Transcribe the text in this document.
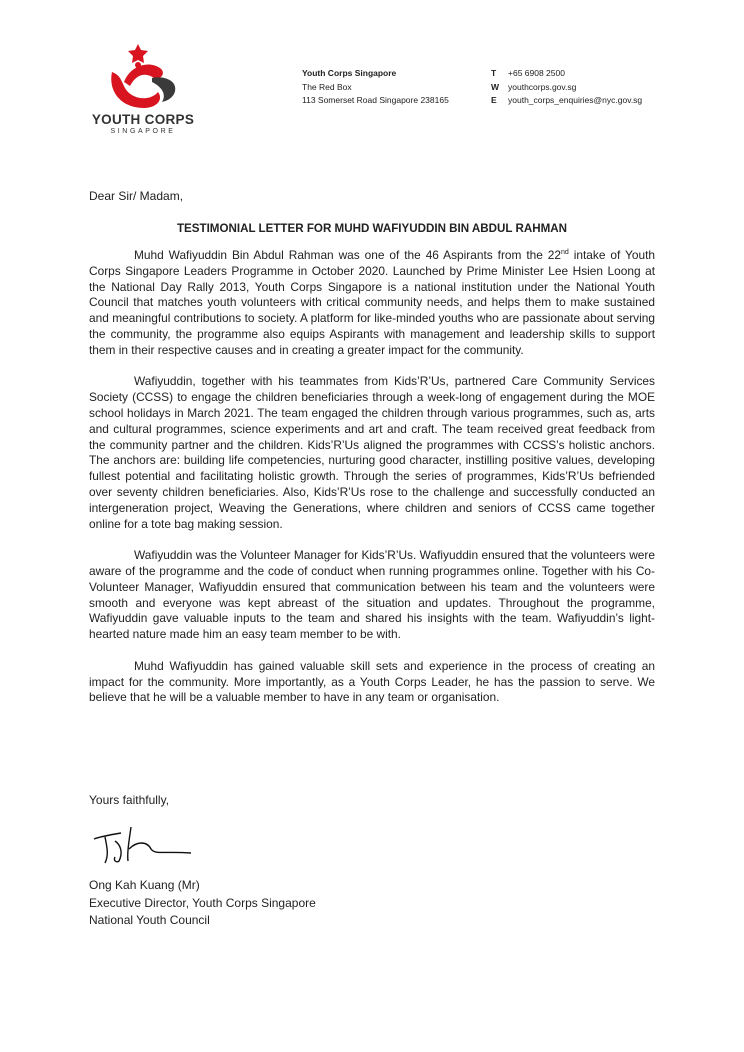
YOUTH CORPS
SINGAPORE
Youth Corps Singapore
The Red Box
113 Somerset Road Singapore 238165
T	+65 6908 2500
W	youthcorps.gov.sg
E	youth_corps_enquiries@nyc.gov.sg
Dear Sir/ Madam,
TESTIMONIAL LETTER FOR MUHD WAFIYUDDIN BIN ABDUL RAHMAN

Muhd Wafiyuddin Bin Abdul Rahman was one of the 46 Aspirants from the 22nd intake of Youth Corps Singapore Leaders Programme in October 2020. Launched by Prime Minister Lee Hsien Loong at the National Day Rally 2013, Youth Corps Singapore is a national institution under the National Youth Council that matches youth volunteers with critical community needs, and helps them to make sustained and meaningful contributions to society. A platform for like-minded youths who are passionate about serving the community, the programme also equips Aspirants with management and leadership skills to support them in their respective causes and in creating a greater impact for the community.

Wafiyuddin, together with his teammates from Kids’R’Us, partnered Care Community Services Society (CCSS) to engage the children beneficiaries through a week-long of engagement during the MOE school holidays in March 2021. The team engaged the children through various programmes, such as, arts and cultural programmes, science experiments and art and craft. The team received great feedback from the community partner and the children. Kids’R’Us aligned the programmes with CCSS’s holistic anchors. The anchors are: building life competencies, nurturing good character, instilling positive values, developing fullest potential and facilitating holistic growth. Through the series of programmes, Kids’R’Us befriended over seventy children beneficiaries. Also, Kids’R’Us rose to the challenge and successfully conducted an intergeneration project, Weaving the Generations, where children and seniors of CCSS came together online for a tote bag making session.

Wafiyuddin was the Volunteer Manager for Kids’R’Us. Wafiyuddin ensured that the volunteers were aware of the programme and the code of conduct when running programmes online. Together with his Co-Volunteer Manager, Wafiyuddin ensured that communication between his team and the volunteers were smooth and everyone was kept abreast of the situation and updates. Throughout the programme, Wafiyuddin gave valuable inputs to the team and shared his insights with the team. Wafiyuddin’s light-hearted nature made him an easy team member to be with.

Muhd Wafiyuddin has gained valuable skill sets and experience in the process of creating an impact for the community. More importantly, as a Youth Corps Leader, he has the passion to serve. We believe that he will be a valuable member to have in any team or organisation.

Yours faithfully,
Ong Kah Kuang (Mr)
Executive Director, Youth Corps Singapore
National Youth Council
